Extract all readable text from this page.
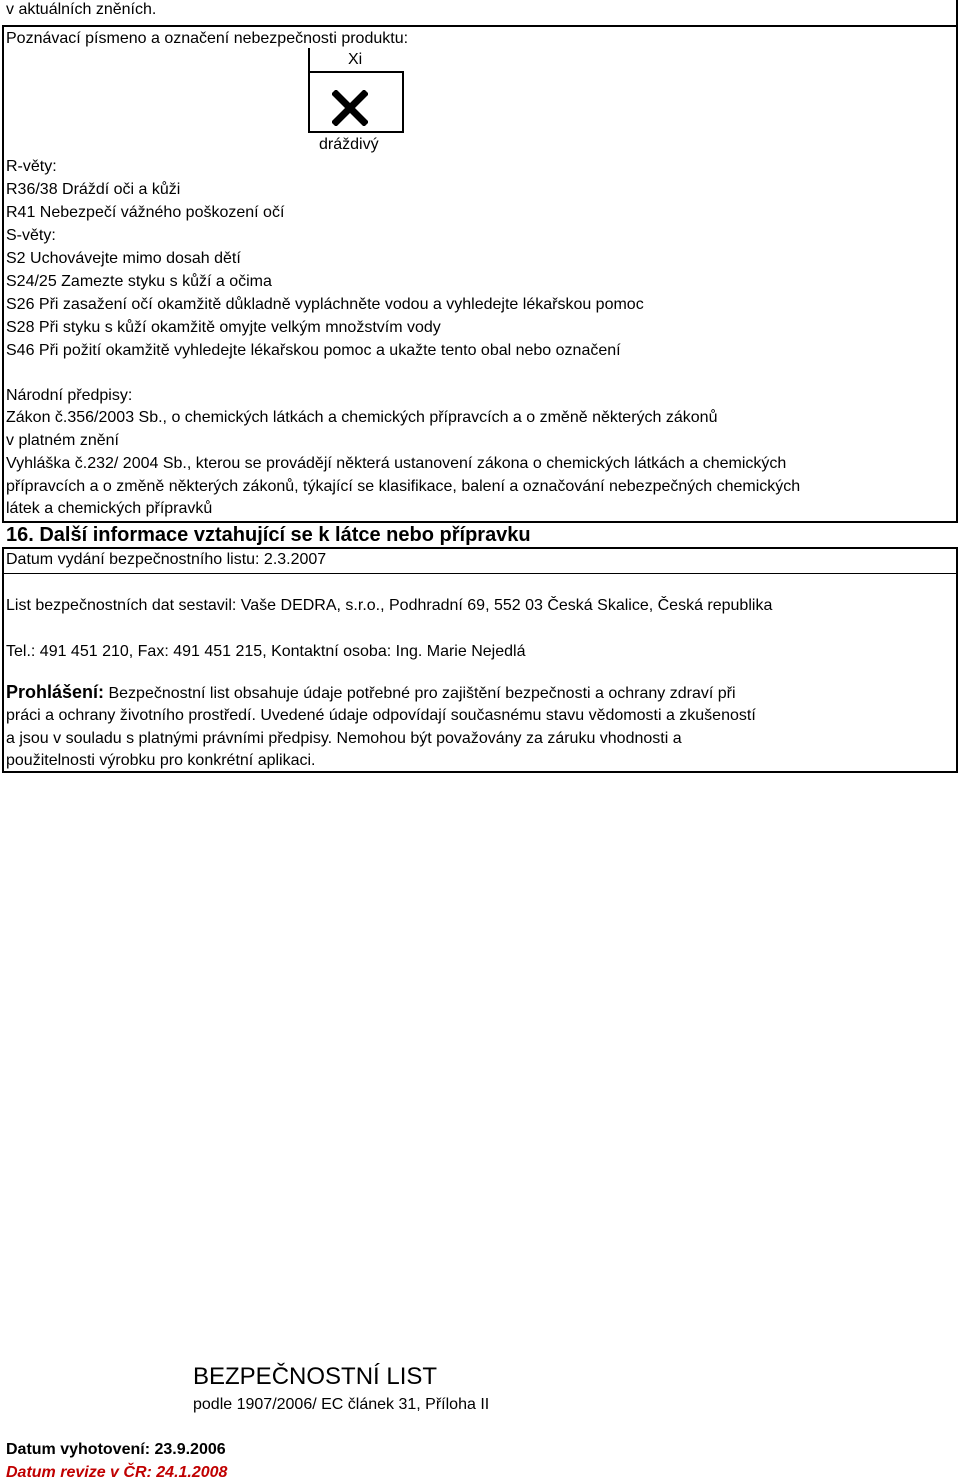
v aktuálních zněních.
Poznávací písmeno a označení nebezpečnosti produktu:
Xi
dráždivý
R-věty:
R36/38 Dráždí oči a kůži
R41 Nebezpečí vážného poškození očí
S-věty:
S2 Uchovávejte mimo dosah dětí
S24/25 Zamezte styku s kůží a očima
S26 Při zasažení očí okamžitě důkladně vypláchněte vodou a vyhledejte lékařskou pomoc
S28 Při styku s kůží okamžitě omyjte velkým množstvím vody
S46 Při požití okamžitě vyhledejte lékařskou pomoc a ukažte tento obal nebo označení
Národní předpisy:
Zákon č.356/2003 Sb., o chemických látkách a chemických přípravcích a o změně některých zákonů
v platném znění
Vyhláška č.232/ 2004 Sb., kterou se provádějí některá ustanovení zákona o chemických látkách a chemických
přípravcích a o změně některých zákonů, týkající se klasifikace, balení a označování nebezpečných chemických
látek a chemických přípravků
16. Další informace vztahující se k látce nebo přípravku
Datum vydání bezpečnostního listu: 2.3.2007
List bezpečnostních dat sestavil: Vaše DEDRA, s.r.o., Podhradní 69, 552 03 Česká Skalice, Česká republika
Tel.: 491 451 210, Fax: 491 451 215, Kontaktní osoba: Ing. Marie Nejedlá
Prohlášení: Bezpečnostní list obsahuje údaje potřebné pro zajištění bezpečnosti a ochrany zdraví při
práci a ochrany životního prostředí. Uvedené údaje odpovídají současnému stavu vědomosti a zkušeností
a jsou v souladu s platnými právními předpisy. Nemohou být považovány za záruku vhodnosti a
použitelnosti výrobku pro konkrétní aplikaci.
BEZPEČNOSTNÍ LIST
podle 1907/2006/ EC článek 31, Příloha II
Datum vyhotovení: 23.9.2006
Datum revize v ČR: 24.1.2008
